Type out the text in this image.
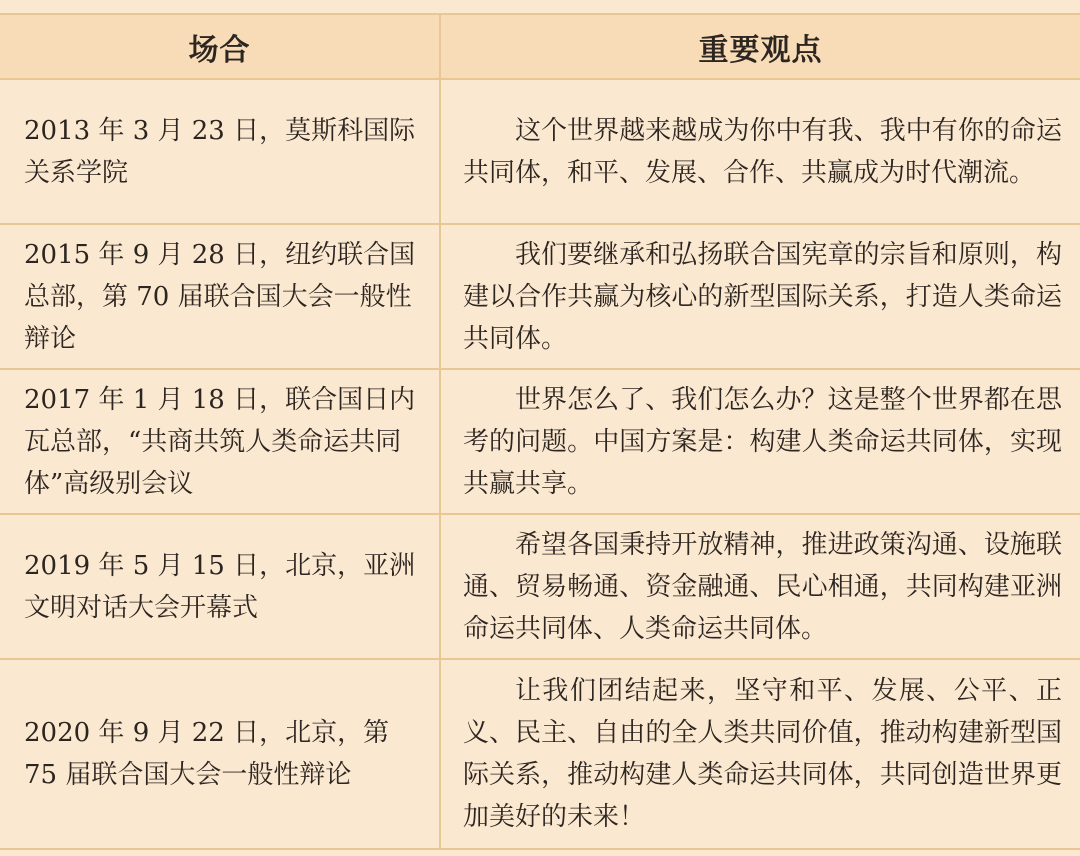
场合	重要观点
2013 年 3 月 23 日，莫斯科国际关系学院	这个世界越来越成为你中有我、我中有你的命运共同体，和平、发展、合作、共赢成为时代潮流。

2015 年 9 月 28 日，纽约联合国总部，第 70 届联合国大会一般性辩论	我们要继承和弘扬联合国宪章的宗旨和原则，构建以合作共赢为核心的新型国际关系，打造人类命运共同体。

2017 年 1 月 18 日，联合国日内瓦总部，“共商共筑人类命运共同体”高级别会议	世界怎么了、我们怎么办？这是整个世界都在思考的问题。中国方案是：构建人类命运共同体，实现共赢共享。

2019 年 5 月 15 日，北京，亚洲文明对话大会开幕式	希望各国秉持开放精神，推进政策沟通、设施联通、贸易畅通、资金融通、民心相通，共同构建亚洲命运共同体、人类命运共同体。

2020 年 9 月 22 日，北京，第 75 届联合国大会一般性辩论	让我们团结起来，坚守和平、发展、公平、正义、民主、自由的全人类共同价值，推动构建新型国际关系，推动构建人类命运共同体，共同创造世界更加美好的未来！
